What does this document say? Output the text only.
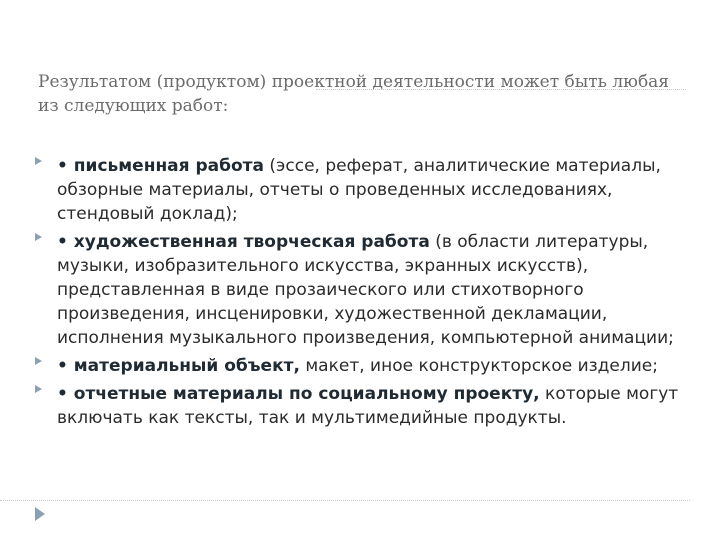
Результатом (продуктом) проектной деятельности может быть любая из следующих работ:
• письменная работа (эссе, реферат, аналитические материалы, обзорные материалы, отчеты о проведенных исследованиях, стендовый доклад);
• художественная творческая работа (в области литературы, музыки, изобразительного искусства, экранных искусств), представленная в виде прозаического или стихотворного произведения, инсценировки, художественной декламации, исполнения музыкального произведения, компьютерной анимации;
• материальный объект, макет, иное конструкторское изделие;
• отчетные материалы по социальному проекту, которые могут включать как тексты, так и мультимедийные продукты.
